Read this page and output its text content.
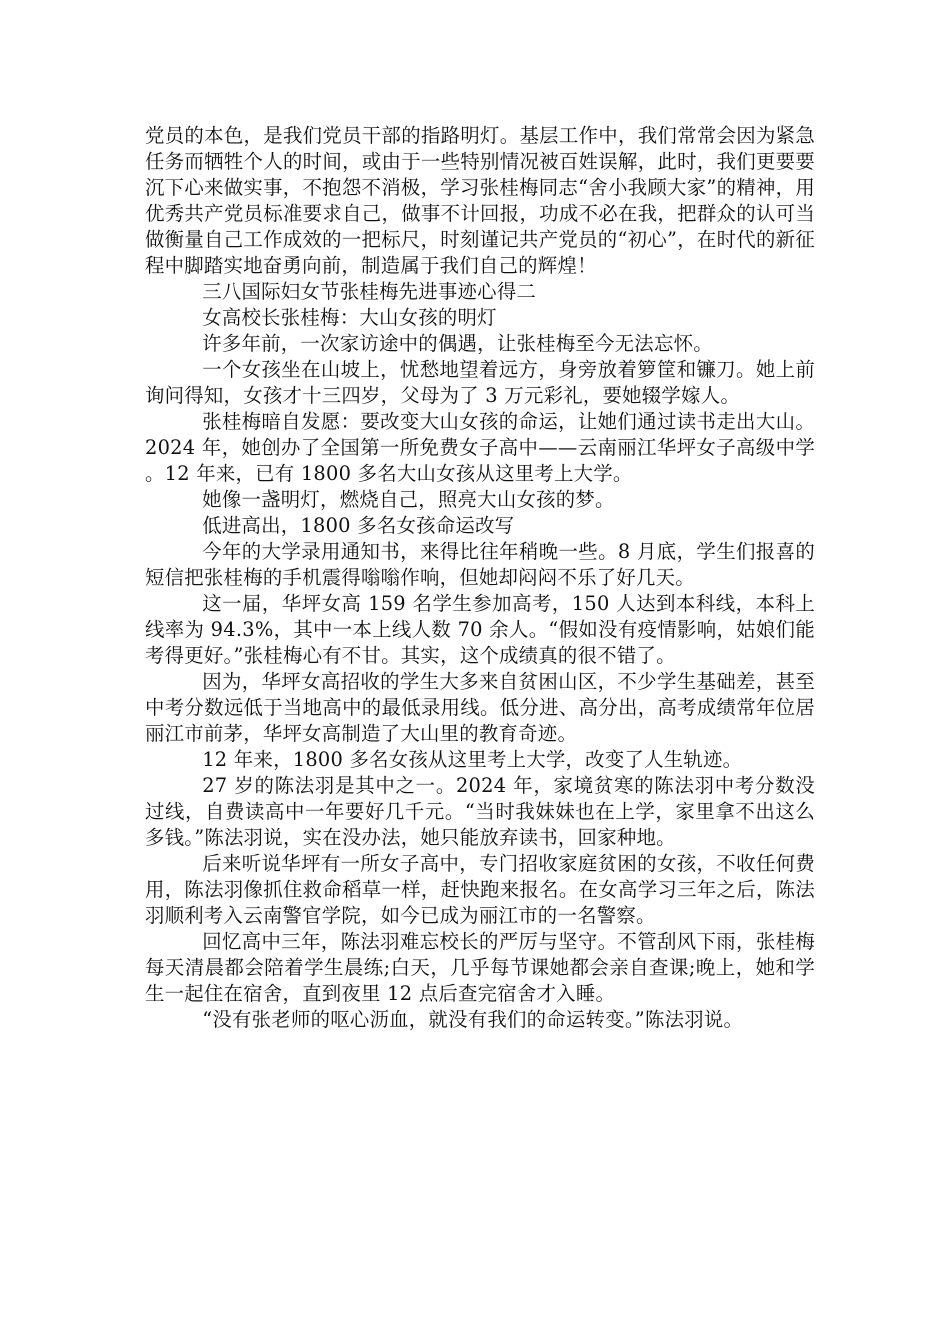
党员的本色，是我们党员干部的指路明灯。基层工作中，我们常常会因为紧急任务而牺牲个人的时间，或由于一些特别情况被百姓误解，此时，我们更要要沉下心来做实事，不抱怨不消极，学习张桂梅同志“舍小我顾大家”的精神，用优秀共产党员标准要求自己，做事不计回报，功成不必在我，把群众的认可当做衡量自己工作成效的一把标尺，时刻谨记共产党员的“初心”，在时代的新征程中脚踏实地奋勇向前，制造属于我们自己的辉煌！

三八国际妇女节张桂梅先进事迹心得二

女高校长张桂梅：大山女孩的明灯

许多年前，一次家访途中的偶遇，让张桂梅至今无法忘怀。

一个女孩坐在山坡上，忧愁地望着远方，身旁放着箩筐和镰刀。她上前询问得知，女孩才十三四岁，父母为了 3 万元彩礼，要她辍学嫁人。

张桂梅暗自发愿：要改变大山女孩的命运，让她们通过读书走出大山。2024 年，她创办了全国第一所免费女子高中——云南丽江华坪女子高级中学。12 年来，已有 1800 多名大山女孩从这里考上大学。

她像一盏明灯，燃烧自己，照亮大山女孩的梦。

低进高出，1800 多名女孩命运改写

今年的大学录用通知书，来得比往年稍晚一些。8 月底，学生们报喜的短信把张桂梅的手机震得嗡嗡作响，但她却闷闷不乐了好几天。

这一届，华坪女高 159 名学生参加高考，150 人达到本科线，本科上线率为 94.3%，其中一本上线人数 70 余人。“假如没有疫情影响，姑娘们能考得更好。”张桂梅心有不甘。其实，这个成绩真的很不错了。

因为，华坪女高招收的学生大多来自贫困山区，不少学生基础差，甚至中考分数远低于当地高中的最低录用线。低分进、高分出，高考成绩常年位居丽江市前茅，华坪女高制造了大山里的教育奇迹。

12 年来，1800 多名女孩从这里考上大学，改变了人生轨迹。

27 岁的陈法羽是其中之一。2024 年，家境贫寒的陈法羽中考分数没过线，自费读高中一年要好几千元。“当时我妹妹也在上学，家里拿不出这么多钱。”陈法羽说，实在没办法，她只能放弃读书，回家种地。

后来听说华坪有一所女子高中，专门招收家庭贫困的女孩，不收任何费用，陈法羽像抓住救命稻草一样，赶快跑来报名。在女高学习三年之后，陈法羽顺利考入云南警官学院，如今已成为丽江市的一名警察。

回忆高中三年，陈法羽难忘校长的严厉与坚守。不管刮风下雨，张桂梅每天清晨都会陪着学生晨练;白天，几乎每节课她都会亲自查课;晚上，她和学生一起住在宿舍，直到夜里 12 点后查完宿舍才入睡。

“没有张老师的呕心沥血，就没有我们的命运转变。”陈法羽说。
